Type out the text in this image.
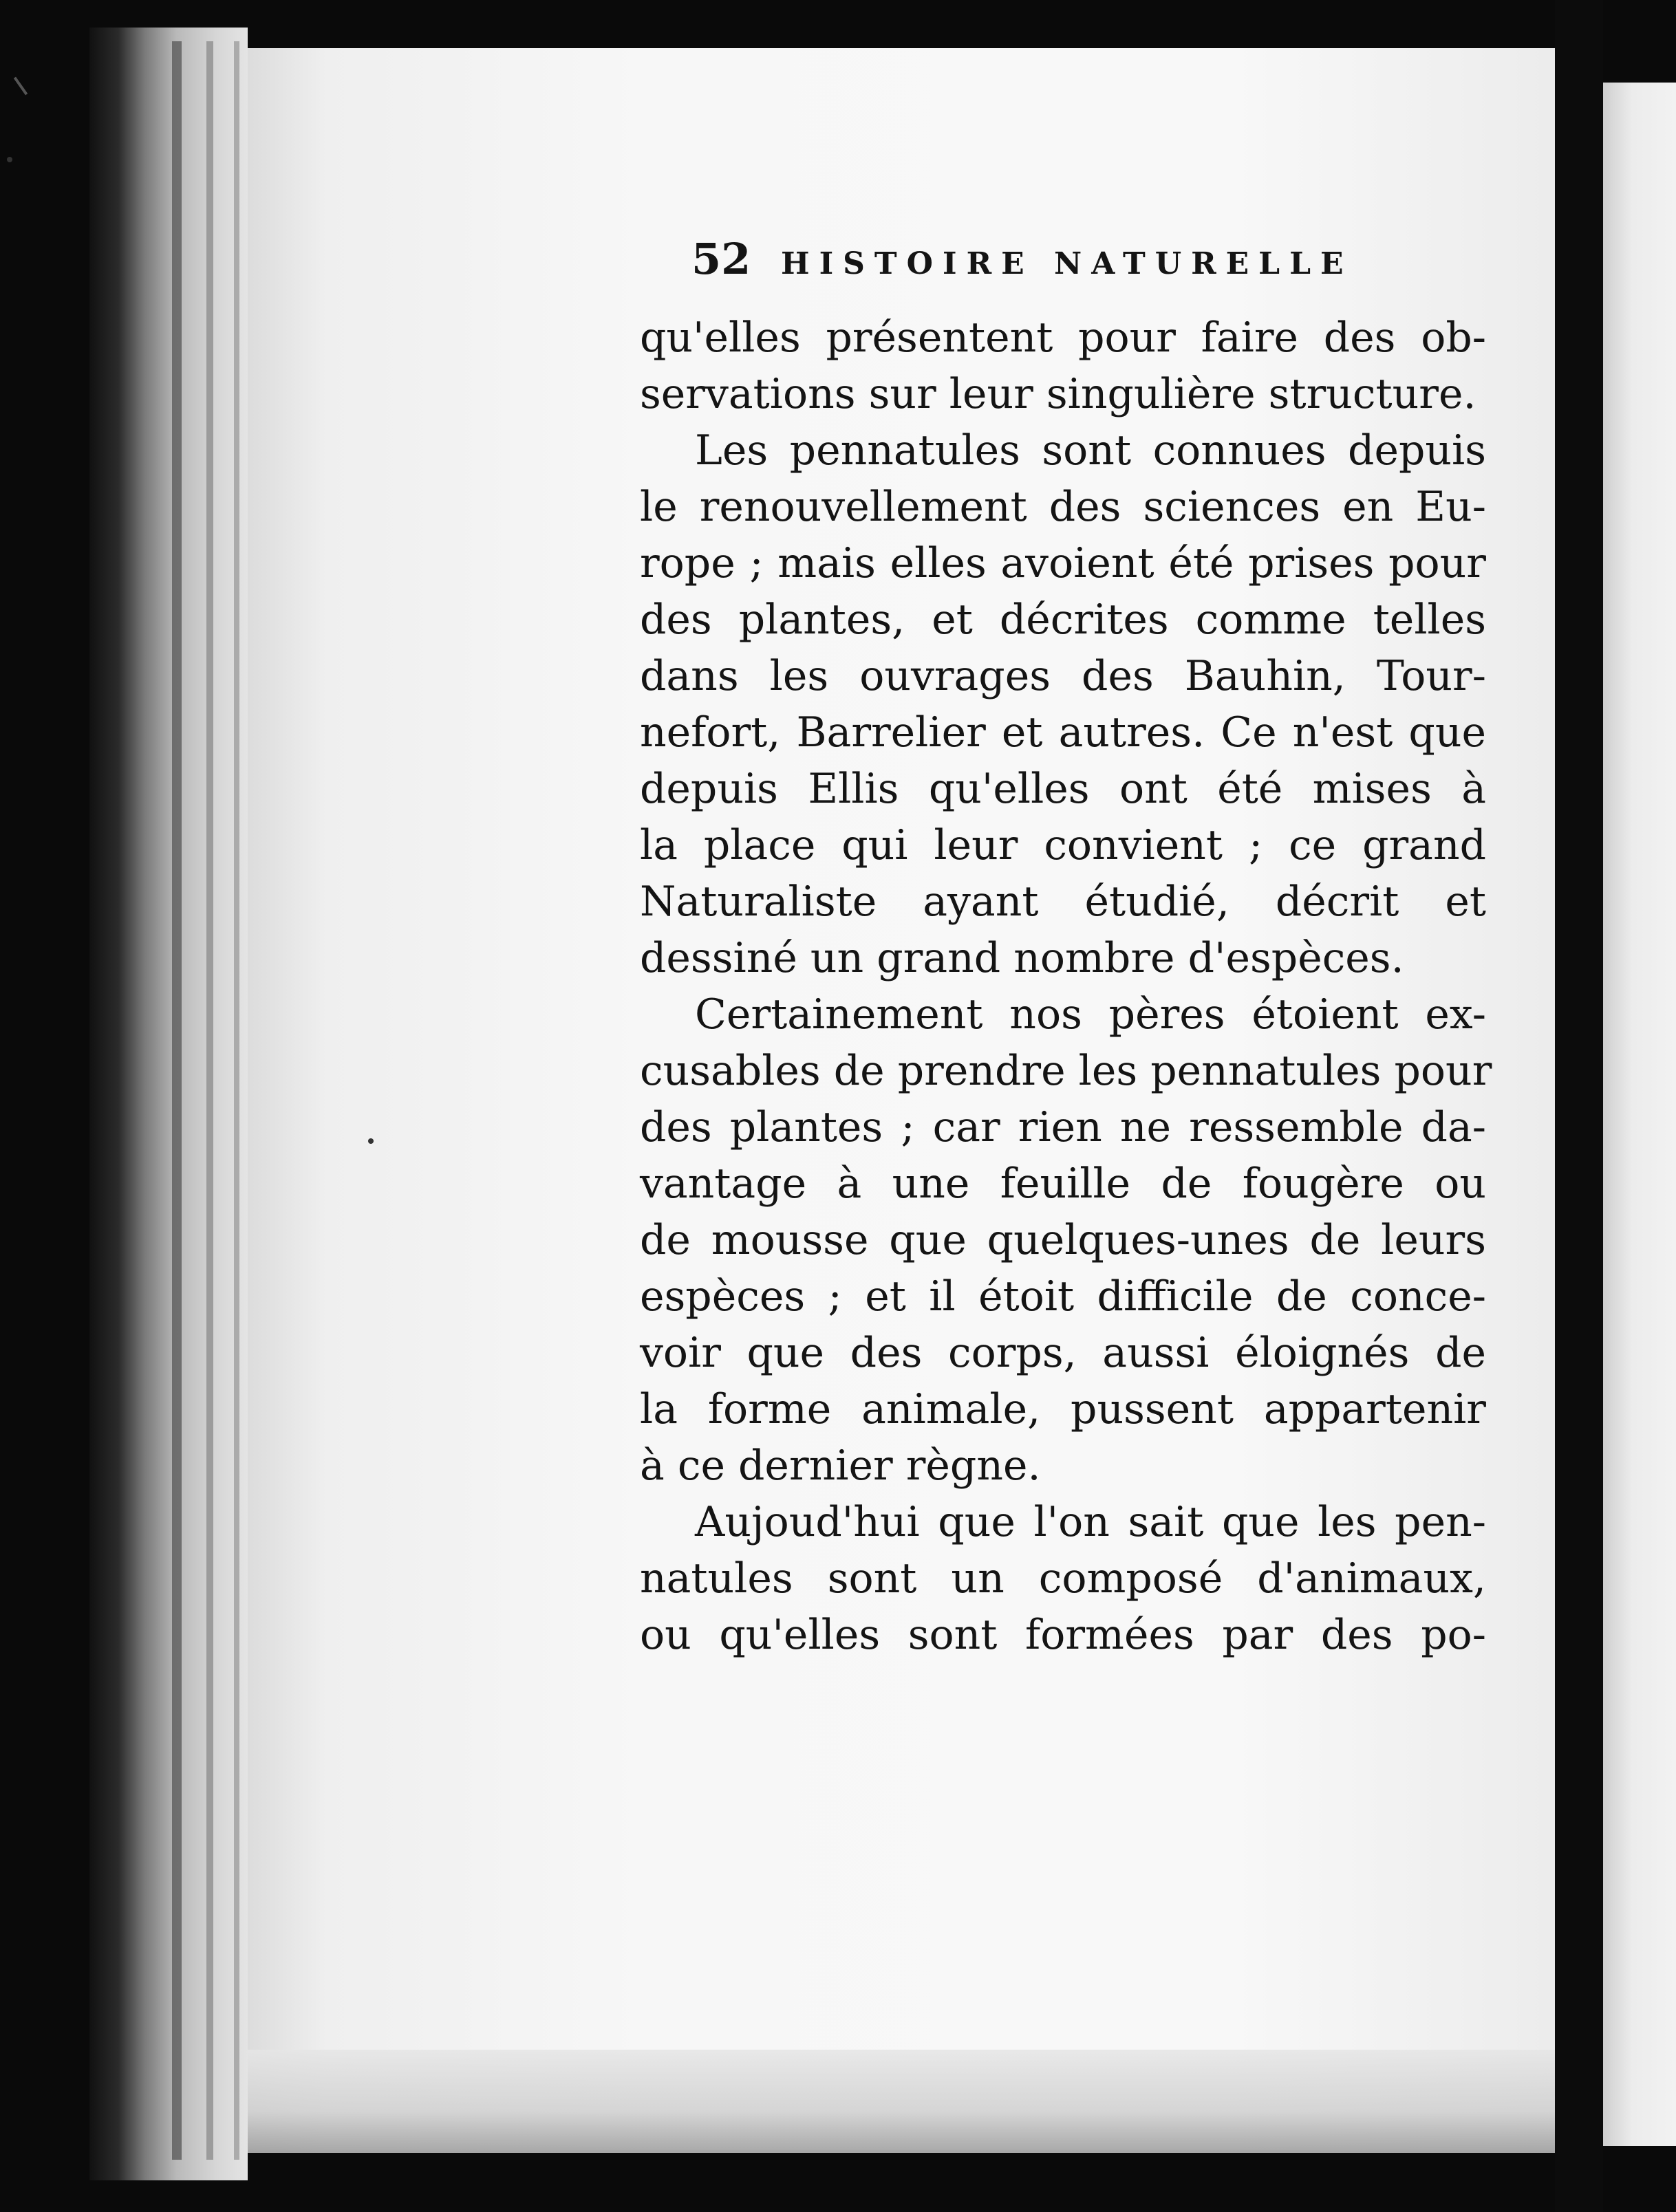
52 HISTOIRE NATURELLE
qu'elles présentent pour faire des ob-
servations sur leur singulière structure.
Les pennatules sont connues depuis
le renouvellement des sciences en Eu-
rope ; mais elles avoient été prises pour
des plantes, et décrites comme telles
dans les ouvrages des Bauhin, Tour-
nefort, Barrelier et autres. Ce n'est que
depuis Ellis qu'elles ont été mises à
la place qui leur convient ; ce grand
Naturaliste ayant étudié, décrit et
dessiné un grand nombre d'espèces.
Certainement nos pères étoient ex-
cusables de prendre les pennatules pour
des plantes ; car rien ne ressemble da-
vantage à une feuille de fougère ou
de mousse que quelques-unes de leurs
espèces ; et il étoit difficile de conce-
voir que des corps, aussi éloignés de
la forme animale, pussent appartenir
à ce dernier règne.
Aujoud'hui que l'on sait que les pen-
natules sont un composé d'animaux,
ou qu'elles sont formées par des po-
